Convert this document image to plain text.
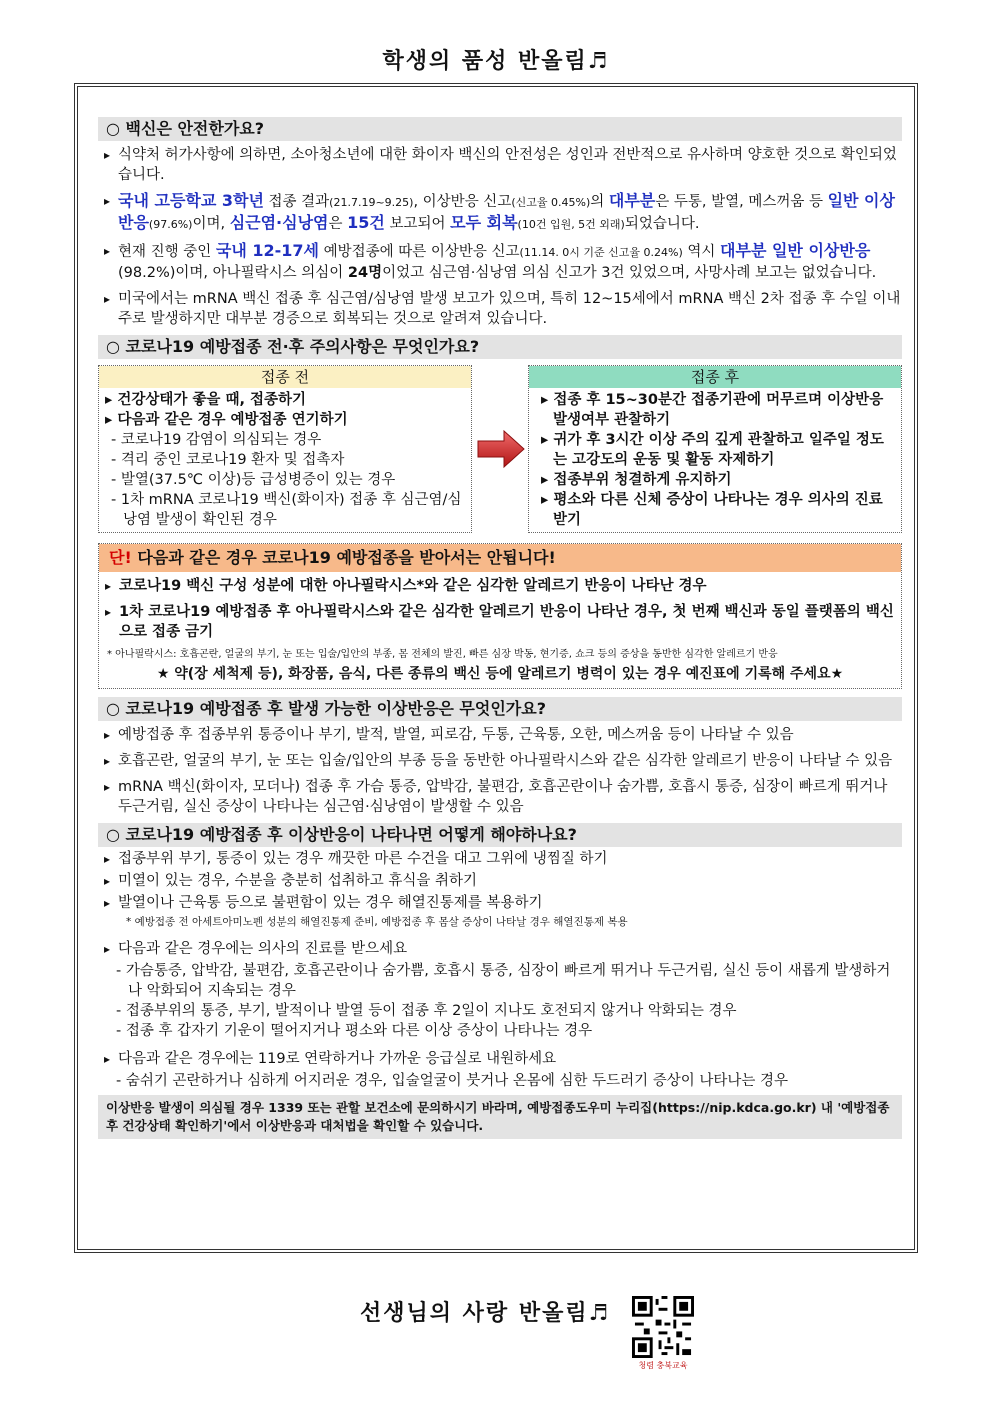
학생의 품성 반올림♬
○ 백신은 안전한가요?
▸ 식약처 허가사항에 의하면, 소아청소년에 대한 화이자 백신의 안전성은 성인과 전반적으로 유사하며 양호한 것으로 확인되었습니다.
▸ 국내 고등학교 3학년 접종 결과(21.7.19~9.25), 이상반응 신고(신고율 0.45%)의 대부분은 두통, 발열, 메스꺼움 등 일반 이상반응(97.6%)이며, 심근염·심낭염은 15건 보고되어 모두 회복(10건 입원, 5건 외래)되었습니다.
▸ 현재 진행 중인 국내 12-17세 예방접종에 따른 이상반응 신고(11.14. 0시 기준 신고율 0.24%) 역시 대부분 일반 이상반응(98.2%)이며, 아나필락시스 의심이 24명이었고 심근염·심낭염 의심 신고가 3건 있었으며, 사망사례 보고는 없었습니다.
▸ 미국에서는 mRNA 백신 접종 후 심근염/심낭염 발생 보고가 있으며, 특히 12~15세에서 mRNA 백신 2차 접종 후 수일 이내 주로 발생하지만 대부분 경증으로 회복되는 것으로 알려져 있습니다.
○ 코로나19 예방접종 전·후 주의사항은 무엇인가요?
접종 전
▸ 건강상태가 좋을 때, 접종하기
▸ 다음과 같은 경우 예방접종 연기하기
- 코로나19 감염이 의심되는 경우
- 격리 중인 코로나19 환자 및 접촉자
- 발열(37.5℃ 이상)등 급성병증이 있는 경우
- 1차 mRNA 코로나19 백신(화이자) 접종 후 심근염/심낭염 발생이 확인된 경우
접종 후
▸ 접종 후 15~30분간 접종기관에 머무르며 이상반응 발생여부 관찰하기
▸ 귀가 후 3시간 이상 주의 깊게 관찰하고 일주일 정도는 고강도의 운동 및 활동 자제하기
▸ 접종부위 청결하게 유지하기
▸ 평소와 다른 신체 증상이 나타나는 경우 의사의 진료 받기
단! 다음과 같은 경우 코로나19 예방접종을 받아서는 안됩니다!
▸ 코로나19 백신 구성 성분에 대한 아나필락시스*와 같은 심각한 알레르기 반응이 나타난 경우
▸ 1차 코로나19 예방접종 후 아나필락시스와 같은 심각한 알레르기 반응이 나타난 경우, 첫 번째 백신과 동일 플랫폼의 백신으로 접종 금기
* 아나필락시스: 호흡곤란, 얼굴의 부기, 눈 또는 입술/입안의 부종, 몸 전체의 발진, 빠른 심장 박동, 현기증, 쇼크 등의 증상을 동반한 심각한 알레르기 반응
★ 약(장 세척제 등), 화장품, 음식, 다른 종류의 백신 등에 알레르기 병력이 있는 경우 예진표에 기록해 주세요★
○ 코로나19 예방접종 후 발생 가능한 이상반응은 무엇인가요?
▸ 예방접종 후 접종부위 통증이나 부기, 발적, 발열, 피로감, 두통, 근육통, 오한, 메스꺼움 등이 나타날 수 있음
▸ 호흡곤란, 얼굴의 부기, 눈 또는 입술/입안의 부종 등을 동반한 아나필락시스와 같은 심각한 알레르기 반응이 나타날 수 있음
▸ mRNA 백신(화이자, 모더나) 접종 후 가슴 통증, 압박감, 불편감, 호흡곤란이나 숨가쁨, 호흡시 통증, 심장이 빠르게 뛰거나 두근거림, 실신 증상이 나타나는 심근염·심낭염이 발생할 수 있음
○ 코로나19 예방접종 후 이상반응이 나타나면 어떻게 해야하나요?
▸ 접종부위 부기, 통증이 있는 경우 깨끗한 마른 수건을 대고 그위에 냉찜질 하기
▸ 미열이 있는 경우, 수분을 충분히 섭취하고 휴식을 취하기
▸ 발열이나 근육통 등으로 불편함이 있는 경우 해열진통제를 복용하기
* 예방접종 전 아세트아미노펜 성분의 해열진통제 준비, 예방접종 후 몸살 증상이 나타날 경우 해열진통제 복용
▸ 다음과 같은 경우에는 의사의 진료를 받으세요
- 가슴통증, 압박감, 불편감, 호흡곤란이나 숨가쁨, 호흡시 통증, 심장이 빠르게 뛰거나 두근거림, 실신 등이 새롭게 발생하거나 악화되어 지속되는 경우
- 접종부위의 통증, 부기, 발적이나 발열 등이 접종 후 2일이 지나도 호전되지 않거나 악화되는 경우
- 접종 후 갑자기 기운이 떨어지거나 평소와 다른 이상 증상이 나타나는 경우
▸ 다음과 같은 경우에는 119로 연락하거나 가까운 응급실로 내원하세요
- 숨쉬기 곤란하거나 심하게 어지러운 경우, 입술얼굴이 붓거나 온몸에 심한 두드러기 증상이 나타나는 경우
이상반응 발생이 의심될 경우 1339 또는 관할 보건소에 문의하시기 바라며, 예방접종도우미 누리집(https://nip.kdca.go.kr) 내 '예방접종 후 건강상태 확인하기'에서 이상반응과 대처법을 확인할 수 있습니다.
선생님의 사랑 반올림♬
청렴 충북교육
